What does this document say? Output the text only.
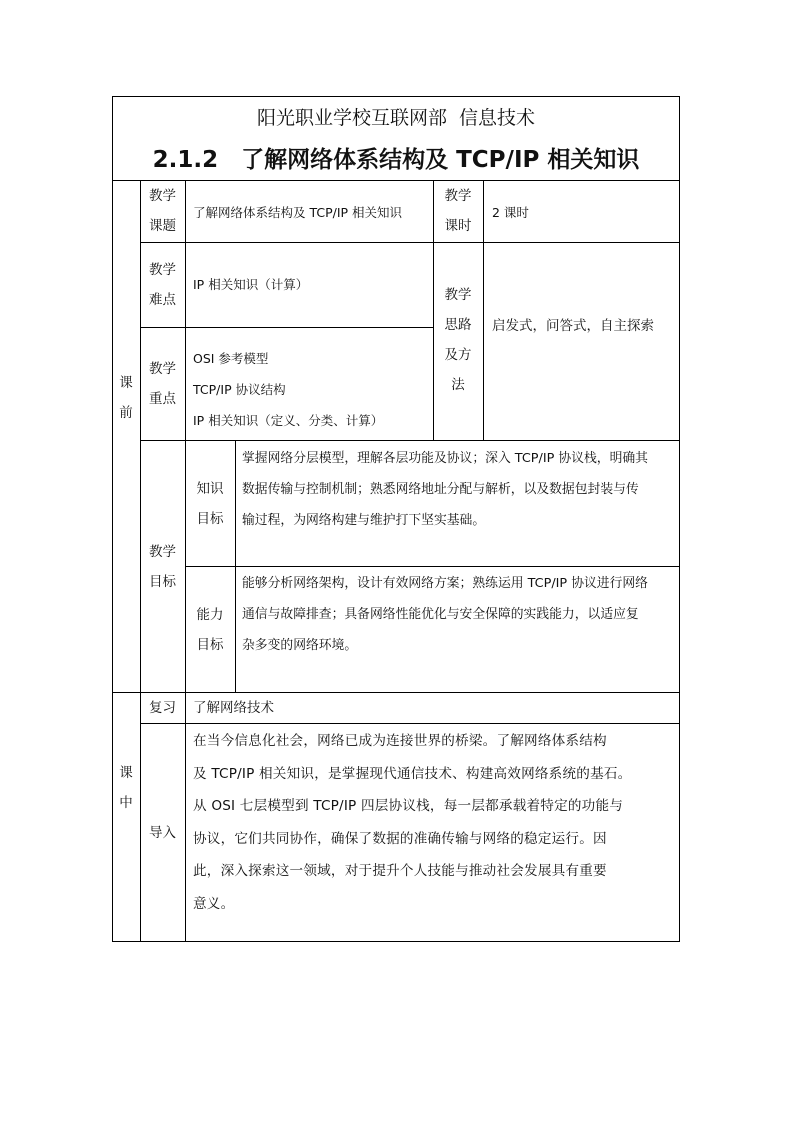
阳光职业学校互联网部 信息技术
2.1.2　了解网络体系结构及 TCP/IP 相关知识
课
前
教学
课题
了解网络体系结构及 TCP/IP 相关知识
教学
课时
2 课时
教学
难点
IP 相关知识（计算）
教学
重点
OSI 参考模型
TCP/IP 协议结构
IP 相关知识（定义、分类、计算）
教学
思路
及方
法
启发式，问答式，自主探索
教学
目标
知识
目标
掌握网络分层模型，理解各层功能及协议；深入 TCP/IP 协议栈，明确其
数据传输与控制机制；熟悉网络地址分配与解析，以及数据包封装与传
输过程，为网络构建与维护打下坚实基础。
能力
目标
能够分析网络架构，设计有效网络方案；熟练运用 TCP/IP 协议进行网络
通信与故障排查；具备网络性能优化与安全保障的实践能力，以适应复
杂多变的网络环境。
课
中
复习	了解网络技术
导入
在当今信息化社会，网络已成为连接世界的桥梁。了解网络体系结构
及 TCP/IP 相关知识，是掌握现代通信技术、构建高效网络系统的基石。
从 OSI 七层模型到 TCP/IP 四层协议栈，每一层都承载着特定的功能与
协议，它们共同协作，确保了数据的准确传输与网络的稳定运行。因
此，深入探索这一领域，对于提升个人技能与推动社会发展具有重要
意义。
